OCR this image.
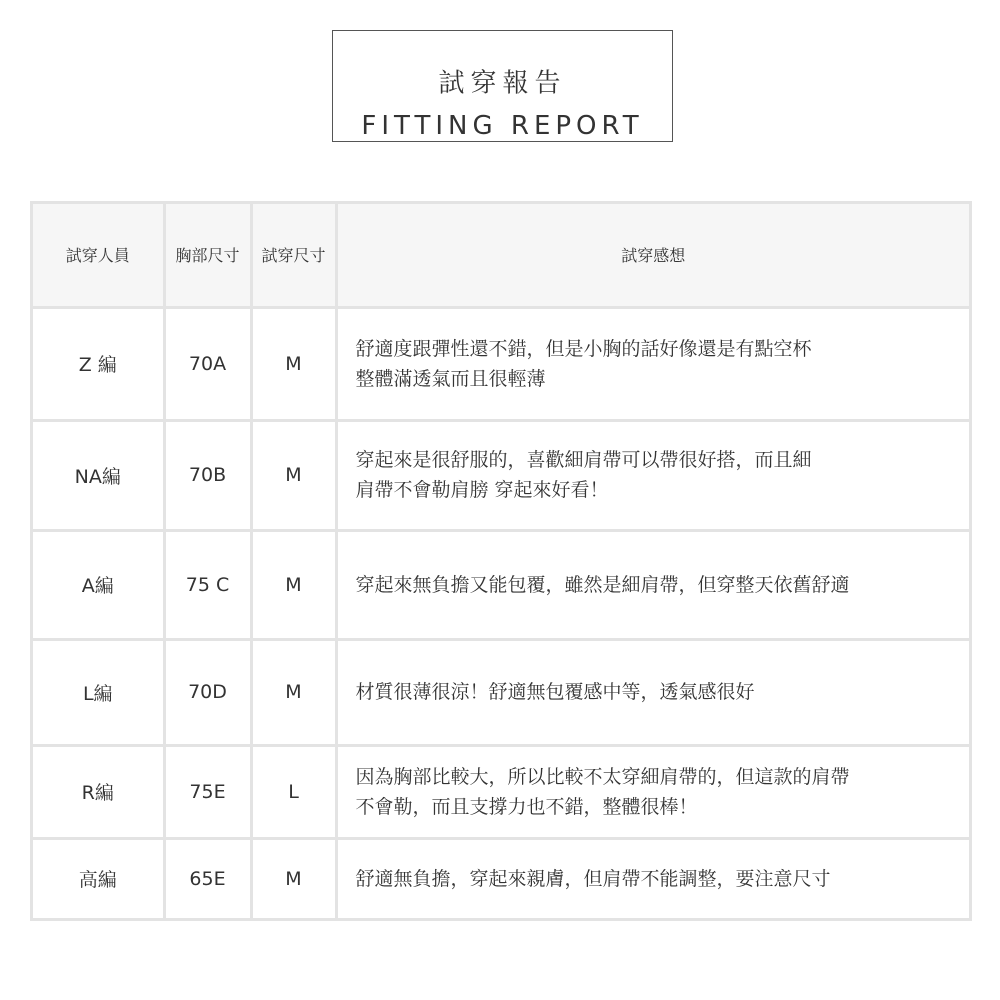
試穿報告
FITTING REPORT
試穿人員	胸部尺寸	試穿尺寸	試穿感想
Z 編	70A	M	舒適度跟彈性還不錯，但是小胸的話好像還是有點空杯
整體滿透氣而且很輕薄

NA編	70B	M	穿起來是很舒服的，喜歡細肩帶可以帶很好搭，而且細
肩帶不會勒肩膀 穿起來好看！

A編	75 C	M	穿起來無負擔又能包覆，雖然是細肩帶，但穿整天依舊舒適

L編	70D	M	材質很薄很涼！舒適無包覆感中等，透氣感很好

R編	75E	L	因為胸部比較大，所以比較不太穿細肩帶的，但這款的肩帶
不會勒，而且支撐力也不錯，整體很棒！

高編	65E	M	舒適無負擔，穿起來親膚，但肩帶不能調整，要注意尺寸
